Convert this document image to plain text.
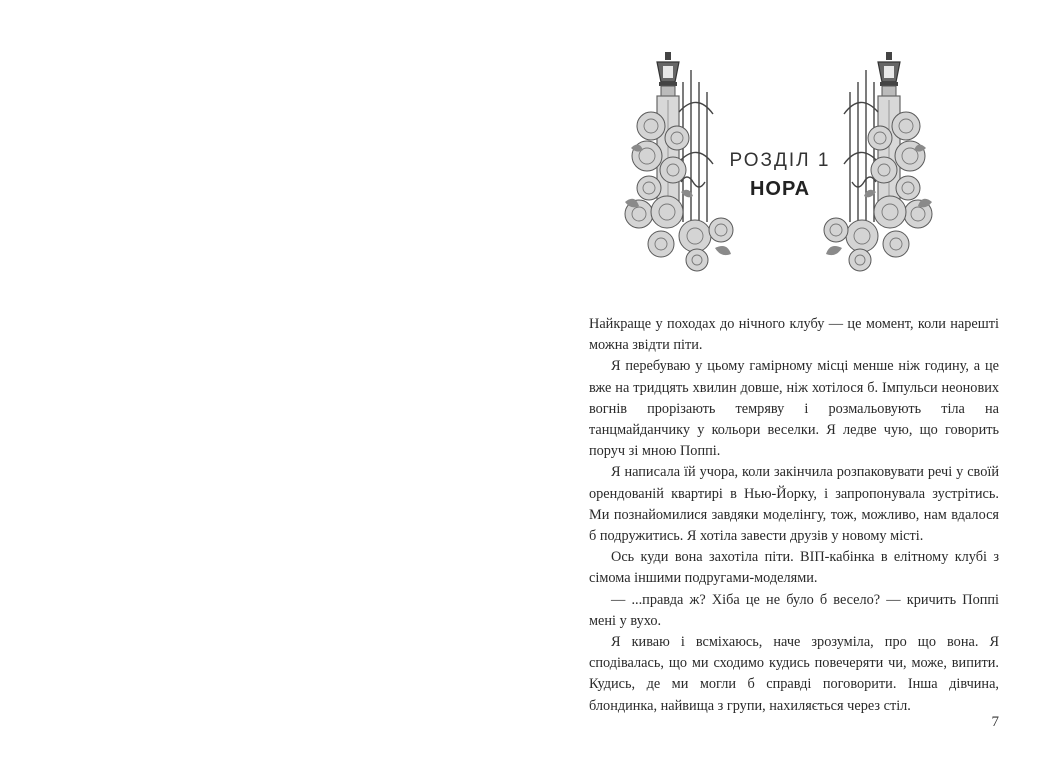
РОЗДІЛ 1
НОРА

Найкраще у походах до нічного клубу — це момент, коли нарешті можна звідти піти.

Я перебуваю у цьому гамірному місці менше ніж годину, а це вже на тридцять хвилин довше, ніж хотілося б. Імпульси неонових вогнів прорізають темряву і розмальовують тіла на танцмайданчику у кольори веселки. Я ледве чую, що говорить поруч зі мною Поппі.

Я написала їй учора, коли закінчила розпаковувати речі у своїй орендованій квартирі в Нью-Йорку, і запропонувала зустрітись. Ми познайомилися завдяки моделінгу, тож, можливо, нам вдалося б подружитись. Я хотіла завести друзів у новому місті.

Ось куди вона захотіла піти. ВІП-кабінка в елітному клубі з сімома іншими подругами-моделями.

— ...правда ж? Хіба це не було б весело? — кричить Поппі мені у вухо.

Я киваю і всміхаюсь, наче зрозуміла, про що вона. Я сподівалась, що ми сходимо кудись повечеряти чи, може, випити. Кудись, де ми могли б справді поговорити. Інша дівчина, блондинка, найвища з групи, нахиляється через стіл.

7
